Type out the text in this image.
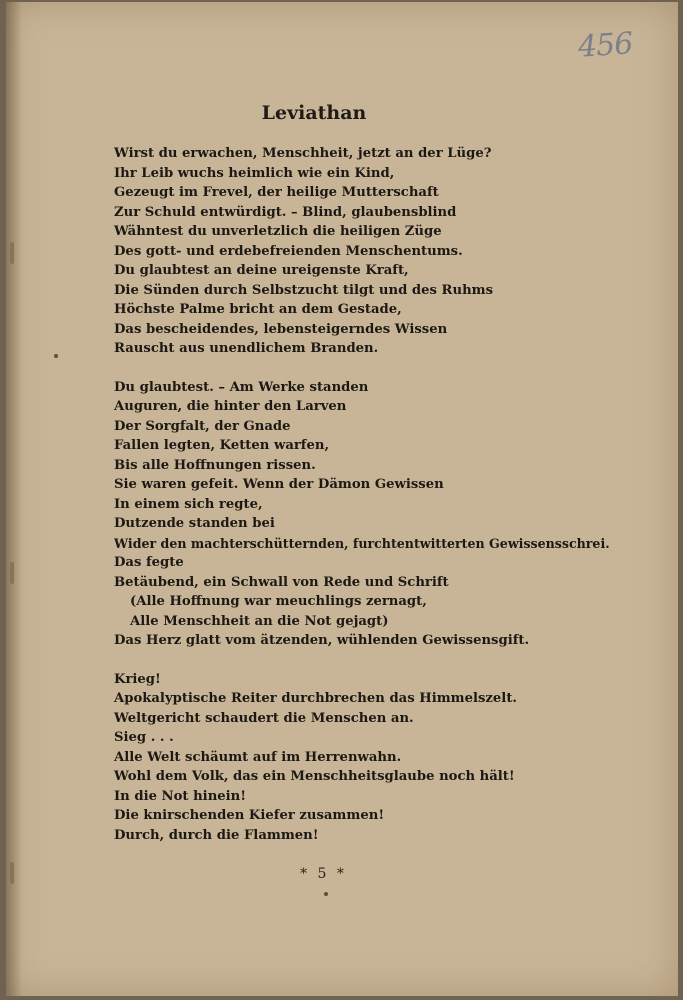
456
Leviathan
Wirst du erwachen, Menschheit, jetzt an der Lüge?
Ihr Leib wuchs heimlich wie ein Kind,
Gezeugt im Frevel, der heilige Mutterschaft
Zur Schuld entwürdigt. – Blind, glaubensblind
Wähntest du unverletzlich die heiligen Züge
Des gott- und erdebefreienden Menschentums.
Du glaubtest an deine ureigenste Kraft,
Die Sünden durch Selbstzucht tilgt und des Ruhms
Höchste Palme bricht an dem Gestade,
Das bescheidendes, lebensteigerndes Wissen
Rauscht aus unendlichem Branden.
Du glaubtest. – Am Werke standen
Auguren, die hinter den Larven
Der Sorgfalt, der Gnade
Fallen legten, Ketten warfen,
Bis alle Hoffnungen rissen.
Sie waren gefeit. Wenn der Dämon Gewissen
In einem sich regte,
Dutzende standen bei
Wider den machterschütternden, furchtentwitterten Gewissensschrei.
Das fegte
Betäubend, ein Schwall von Rede und Schrift
(Alle Hoffnung war meuchlings zernagt,
Alle Menschheit an die Not gejagt)
Das Herz glatt vom ätzenden, wühlenden Gewissensgift.
Krieg!
Apokalyptische Reiter durchbrechen das Himmelszelt.
Weltgericht schaudert die Menschen an.
Sieg . . .
Alle Welt schäumt auf im Herrenwahn.
Wohl dem Volk, das ein Menschheitsglaube noch hält!
In die Not hinein!
Die knirschenden Kiefer zusammen!
Durch, durch die Flammen!
* 5 *
